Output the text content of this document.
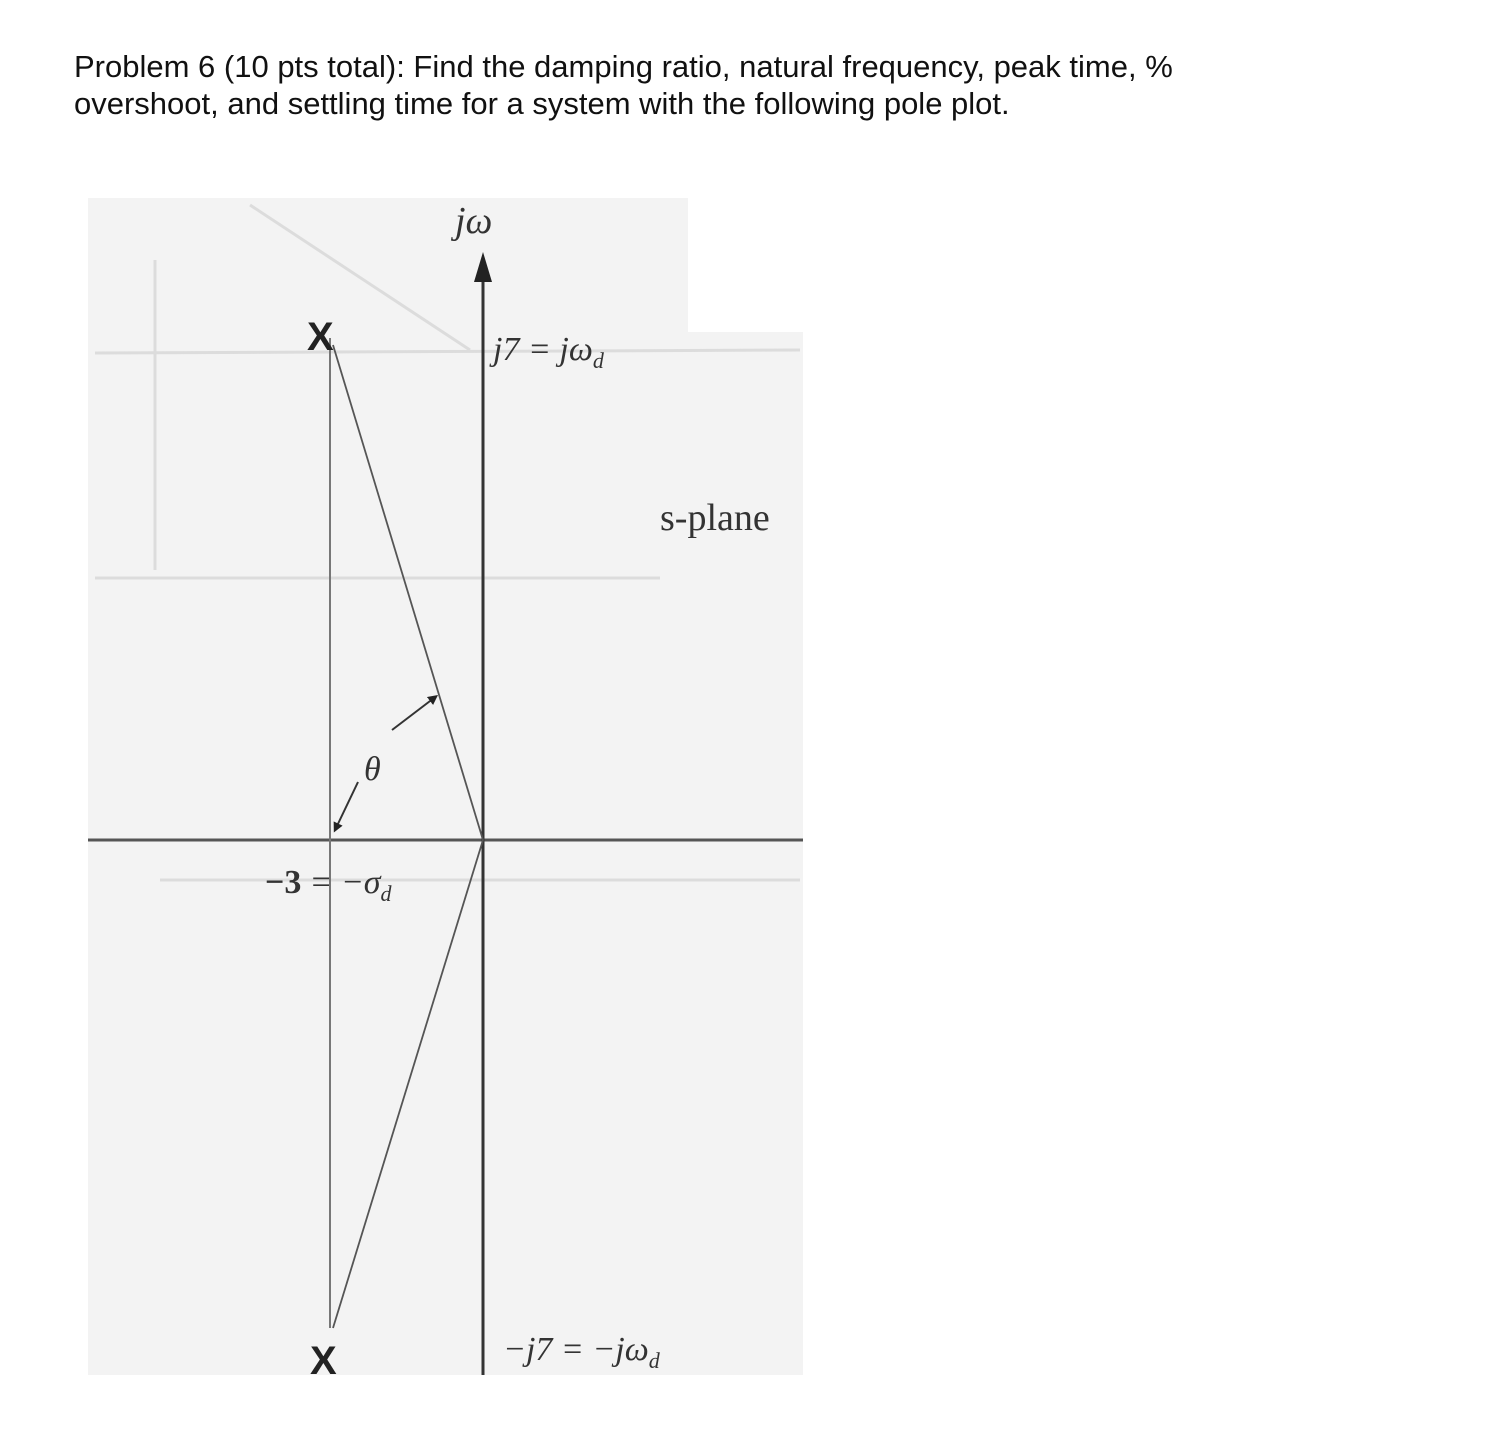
Problem 6 (10 pts total): Find the damping ratio, natural frequency, peak time, %
overshoot, and settling time for a system with the following pole plot.

X
X
jω
$j7 = j\omega_d$
$-j7 = -j\omega_d$
$-3 = -\sigma_d$
s-plane
θ
